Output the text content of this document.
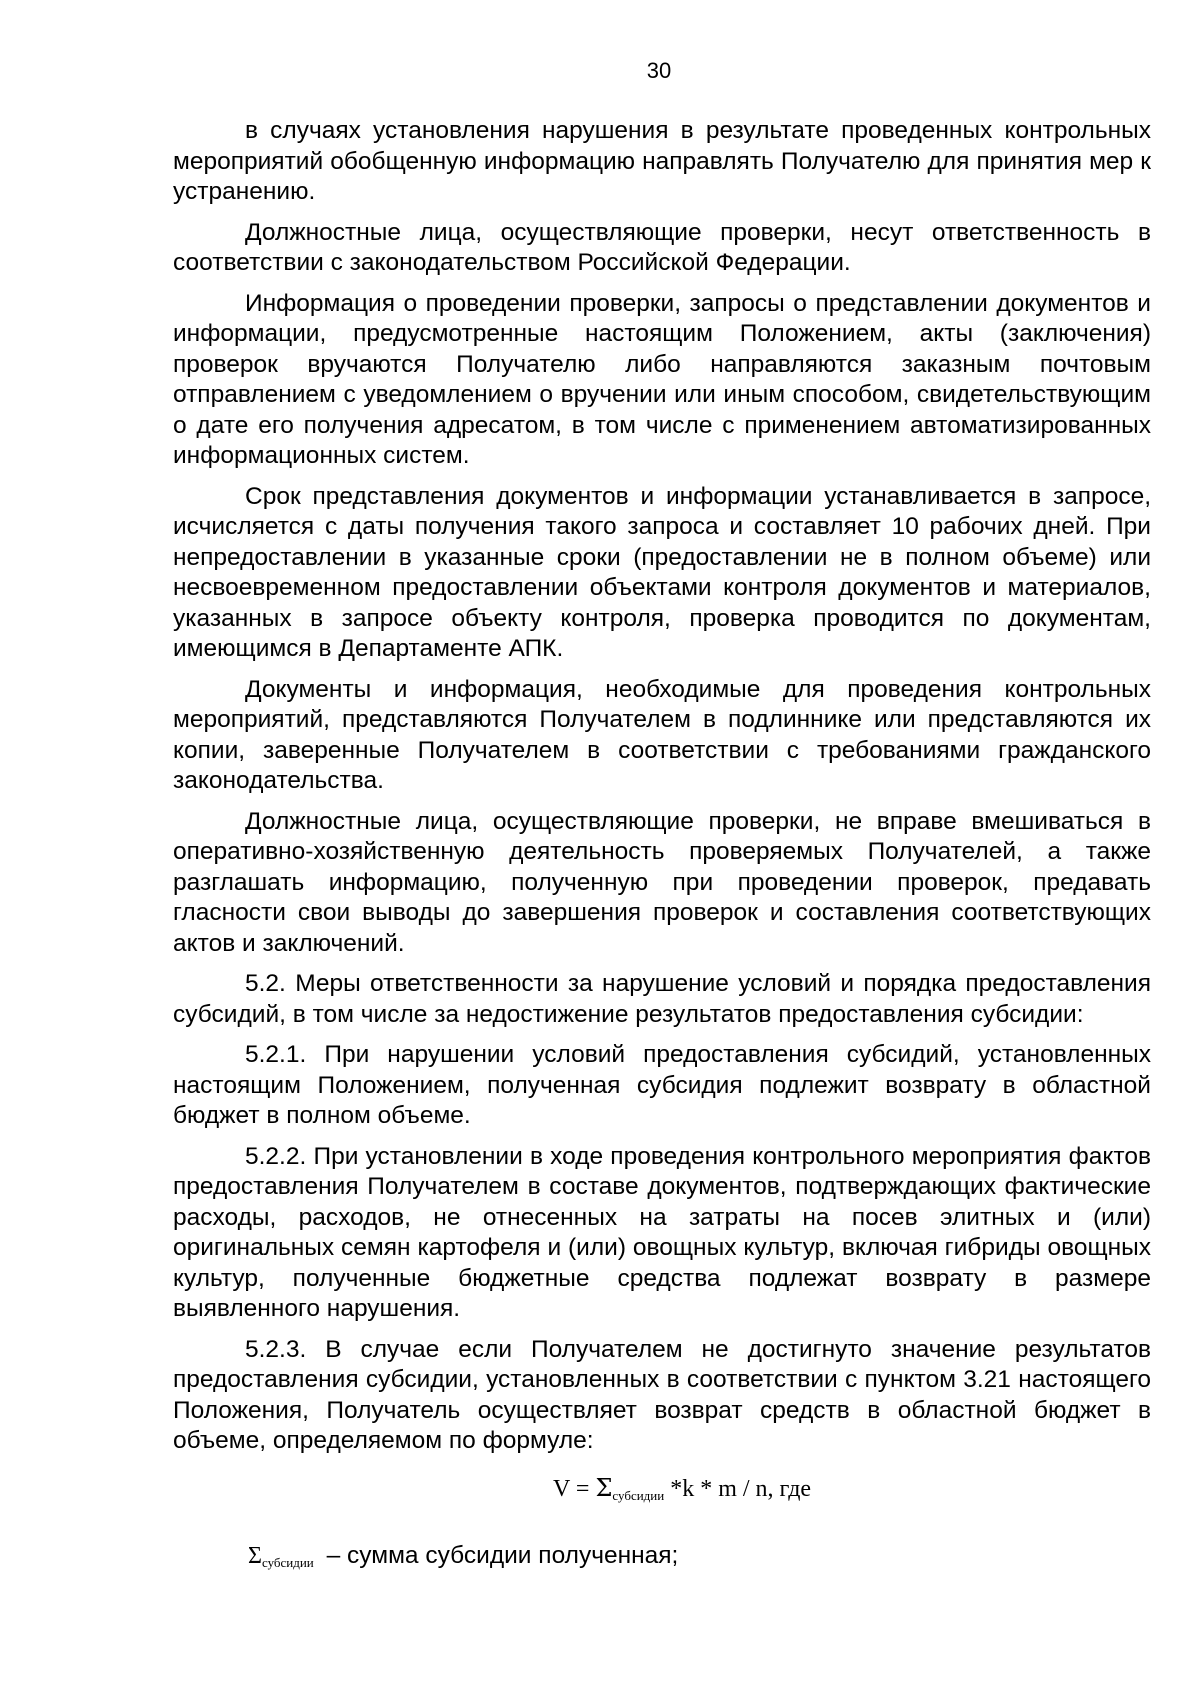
30

в случаях установления нарушения в результате проведенных контрольных мероприятий обобщенную информацию направлять Получателю для принятия мер к устранению.

Должностные лица, осуществляющие проверки, несут ответственность в соответствии с законодательством Российской Федерации.

Информация о проведении проверки, запросы о представлении документов и информации, предусмотренные настоящим Положением, акты (заключения) проверок вручаются Получателю либо направляются заказным почтовым отправлением с уведомлением о вручении или иным способом, свидетельствующим о дате его получения адресатом, в том числе с применением автоматизированных информационных систем.

Срок представления документов и информации устанавливается в запросе, исчисляется с даты получения такого запроса и составляет 10 рабочих дней. При непредоставлении в указанные сроки (предоставлении не в полном объеме) или несвоевременном предоставлении объектами контроля документов и материалов, указанных в запросе объекту контроля, проверка проводится по документам, имеющимся в Департаменте АПК.

Документы и информация, необходимые для проведения контрольных мероприятий, представляются Получателем в подлиннике или представляются их копии, заверенные Получателем в соответствии с требованиями гражданского законодательства.

Должностные лица, осуществляющие проверки, не вправе вмешиваться в оперативно-хозяйственную деятельность проверяемых Получателей, а также разглашать информацию, полученную при проведении проверок, предавать гласности свои выводы до завершения проверок и составления соответствующих актов и заключений.

5.2. Меры ответственности за нарушение условий и порядка предоставления субсидий, в том числе за недостижение результатов предоставления субсидии:

5.2.1. При нарушении условий предоставления субсидий, установленных настоящим Положением, полученная субсидия подлежит возврату в областной бюджет в полном объеме.

5.2.2. При установлении в ходе проведения контрольного мероприятия фактов предоставления Получателем в составе документов, подтверждающих фактические расходы, расходов, не отнесенных на затраты на посев элитных и (или) оригинальных семян картофеля и (или) овощных культур, включая гибриды овощных культур, полученные бюджетные средства подлежат возврату в размере выявленного нарушения.

5.2.3. В случае если Получателем не достигнуто значение результатов предоставления субсидии, установленных в соответствии с пунктом 3.21 настоящего Положения, Получатель осуществляет возврат средств в областной бюджет в объеме, определяемом по формуле:

$V = \Sigma_{субсидии}$ *k * m / n, где
$\Sigma_{субсидии}$ – сумма субсидии полученная;
